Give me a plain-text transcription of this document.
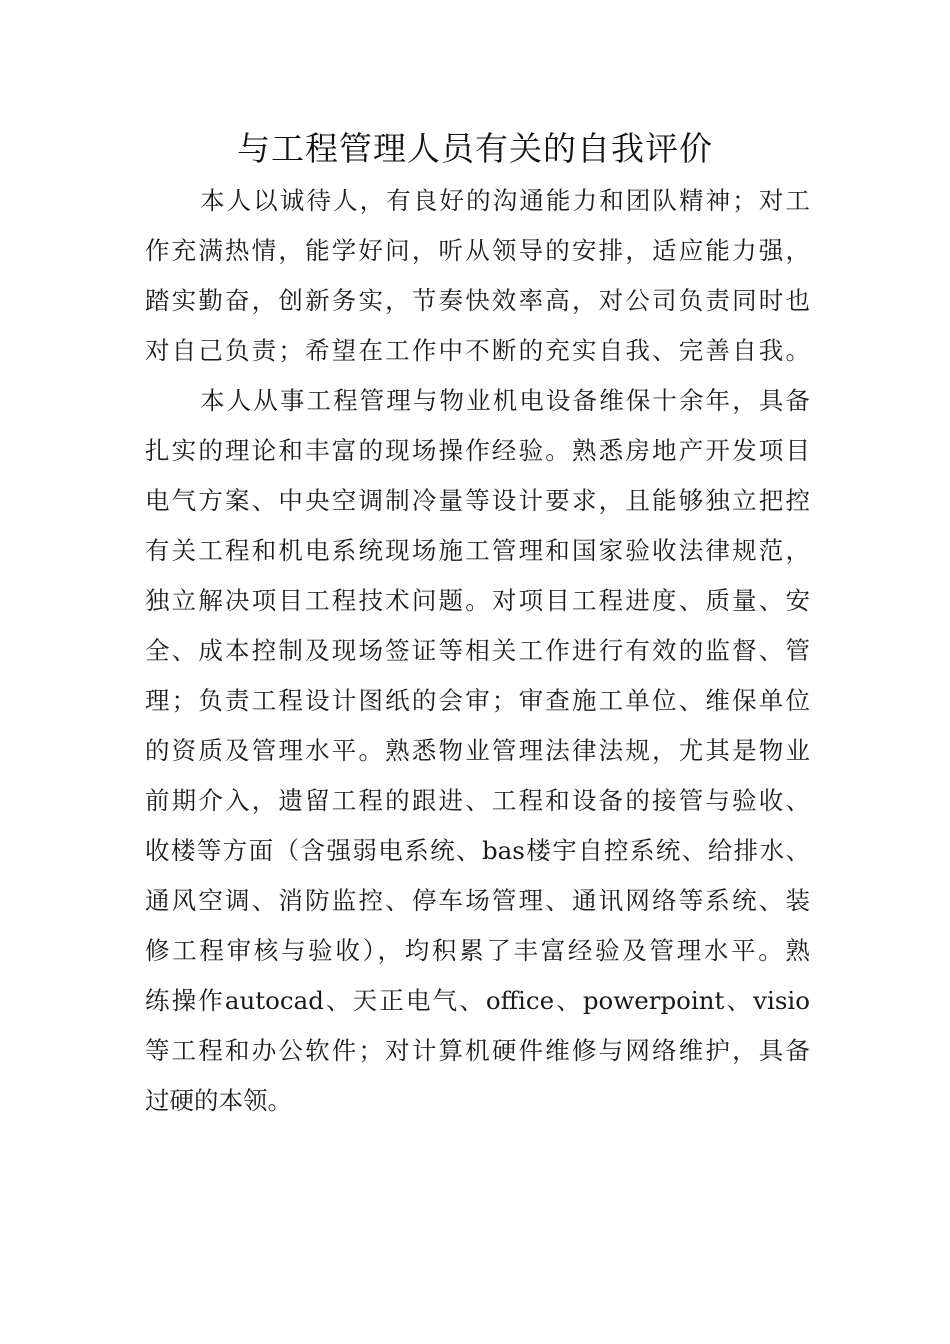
与工程管理人员有关的自我评价
本人以诚待人，有良好的沟通能力和团队精神；对工
作充满热情，能学好问，听从领导的安排，适应能力强，
踏实勤奋，创新务实，节奏快效率高，对公司负责同时也
对自己负责；希望在工作中不断的充实自我、完善自我。
本人从事工程管理与物业机电设备维保十余年，具备
扎实的理论和丰富的现场操作经验。熟悉房地产开发项目
电气方案、中央空调制冷量等设计要求，且能够独立把控
有关工程和机电系统现场施工管理和国家验收法律规范，
独立解决项目工程技术问题。对项目工程进度、质量、安
全、成本控制及现场签证等相关工作进行有效的监督、管
理；负责工程设计图纸的会审；审查施工单位、维保单位
的资质及管理水平。熟悉物业管理法律法规，尤其是物业
前期介入，遗留工程的跟进、工程和设备的接管与验收、
收楼等方面（含强弱电系统、bas楼宇自控系统、给排水、
通风空调、消防监控、停车场管理、通讯网络等系统、装
修工程审核与验收），均积累了丰富经验及管理水平。熟
练操作autocad、天正电气、office、powerpoint、visio
等工程和办公软件；对计算机硬件维修与网络维护，具备
过硬的本领。
